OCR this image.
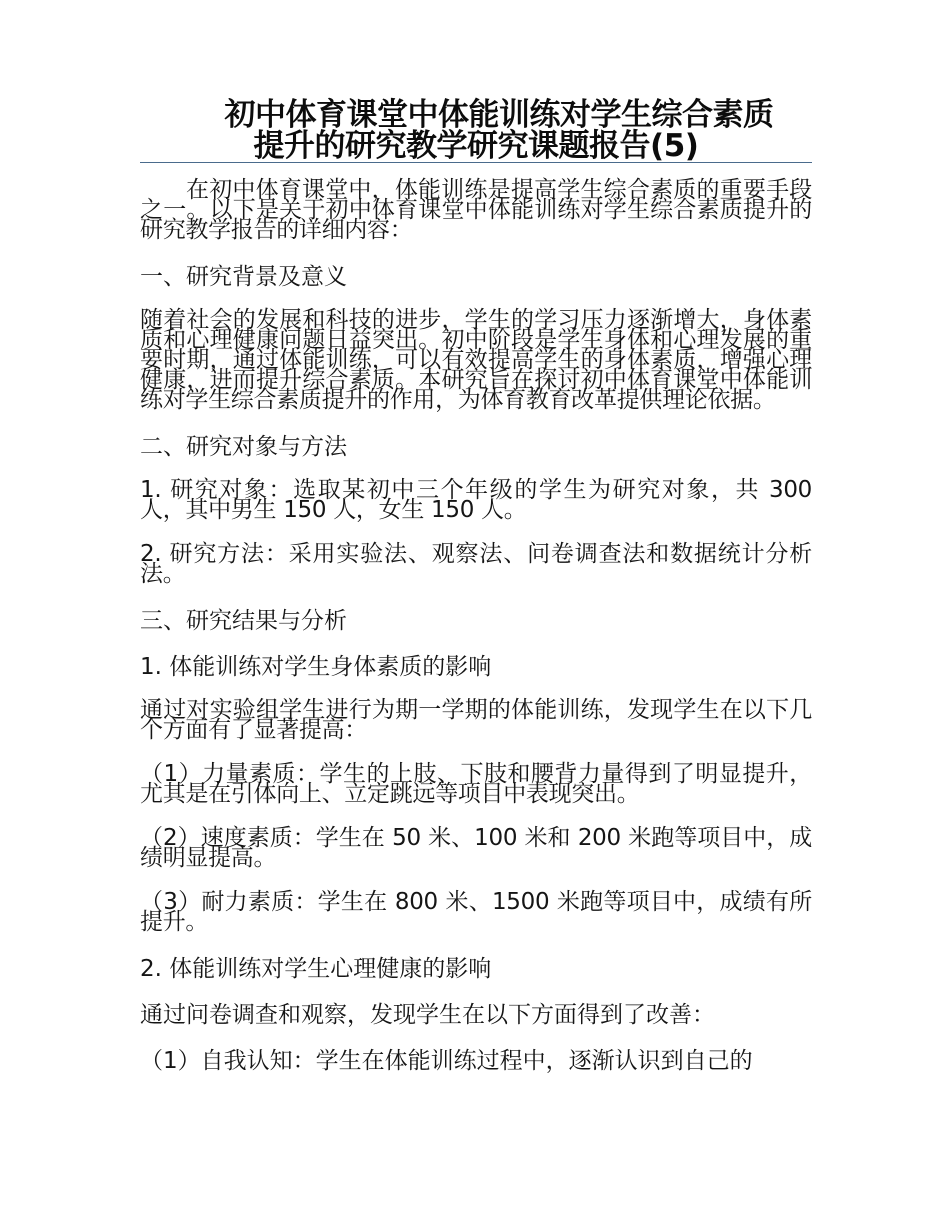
初中体育课堂中体能训练对学生综合素质

提升的研究教学研究课题报告(5)

在初中体育课堂中，体能训练是提高学生综合素质的重要手段之一。以下是关于初中体育课堂中体能训练对学生综合素质提升的研究教学报告的详细内容：

一、研究背景及意义

随着社会的发展和科技的进步，学生的学习压力逐渐增大，身体素质和心理健康问题日益突出。初中阶段是学生身体和心理发展的重要时期，通过体能训练，可以有效提高学生的身体素质，增强心理健康，进而提升综合素质。本研究旨在探讨初中体育课堂中体能训练对学生综合素质提升的作用，为体育教育改革提供理论依据。

二、研究对象与方法

1. 研究对象：选取某初中三个年级的学生为研究对象，共 300 人，其中男生 150 人，女生 150 人。

2. 研究方法：采用实验法、观察法、问卷调查法和数据统计分析法。

三、研究结果与分析

1. 体能训练对学生身体素质的影响

通过对实验组学生进行为期一学期的体能训练，发现学生在以下几个方面有了显著提高：

（1）力量素质：学生的上肢、下肢和腰背力量得到了明显提升，尤其是在引体向上、立定跳远等项目中表现突出。

（2）速度素质：学生在 50 米、100 米和 200 米跑等项目中，成绩明显提高。

（3）耐力素质：学生在 800 米、1500 米跑等项目中，成绩有所提升。

2. 体能训练对学生心理健康的影响

通过问卷调查和观察，发现学生在以下方面得到了改善：

（1）自我认知：学生在体能训练过程中，逐渐认识到自己的
